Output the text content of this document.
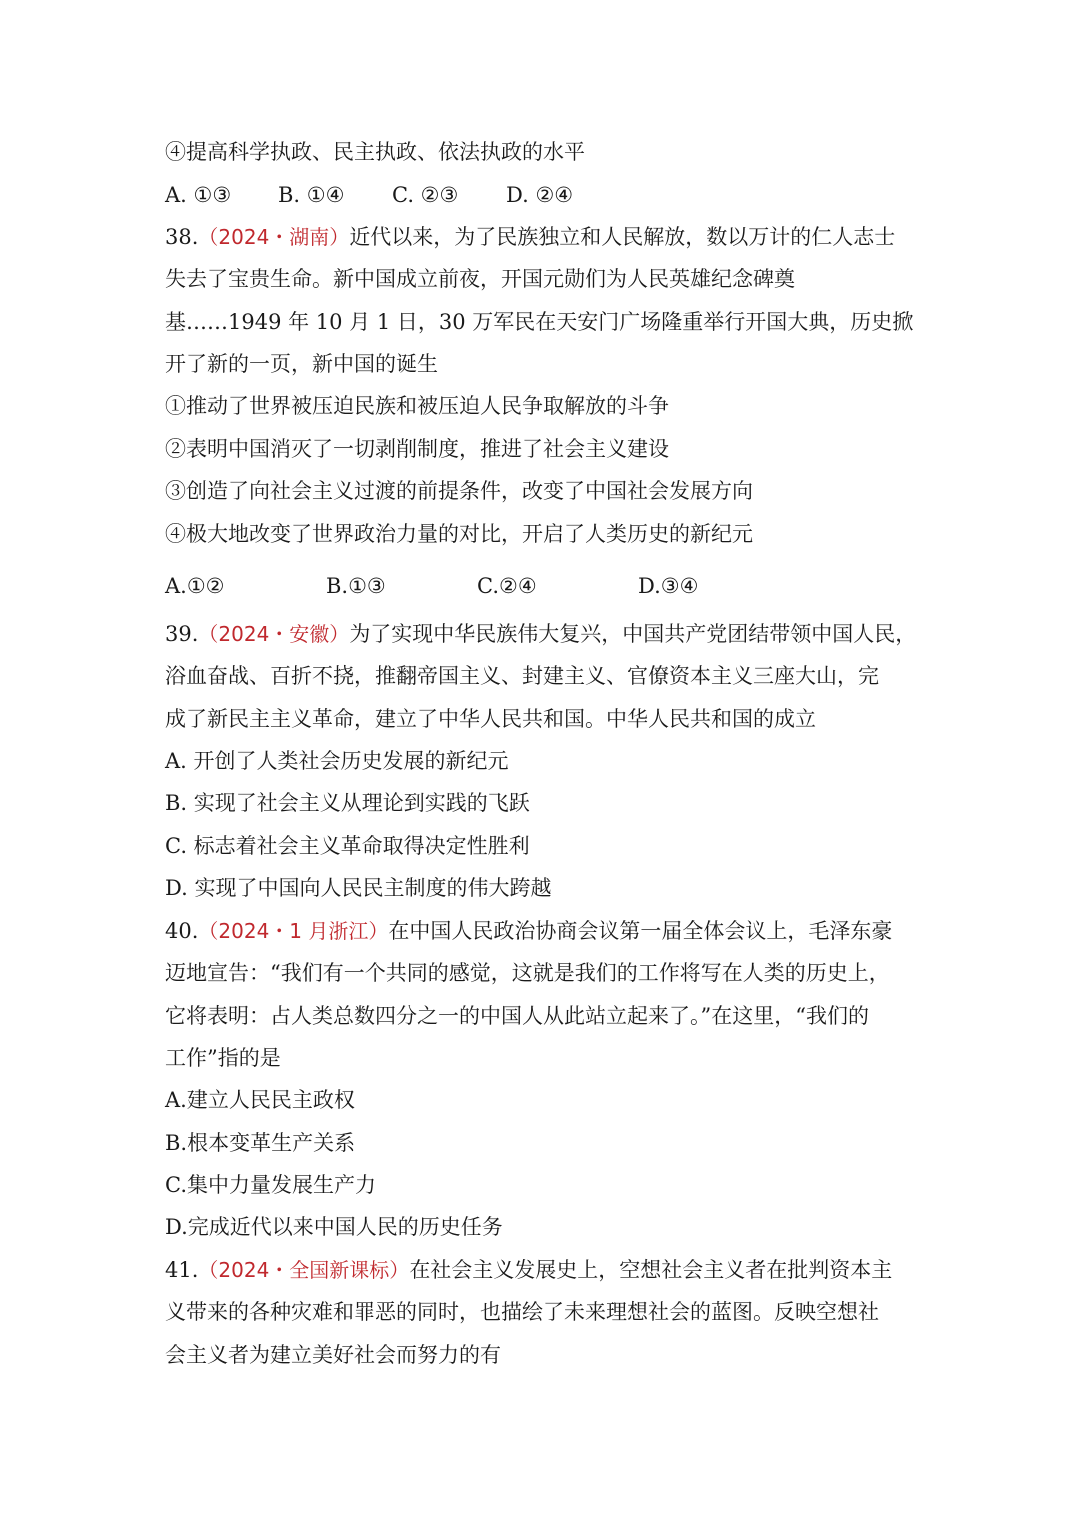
④提高科学执政、民主执政、依法执政的水平
A. ①③ B. ①④ C. ②③ D. ②④
38.（2024・湖南）近代以来，为了民族独立和人民解放，数以万计的仁人志士
失去了宝贵生命。新中国成立前夜，开国元勋们为人民英雄纪念碑奠
基……1949 年 10 月 1 日，30 万军民在天安门广场隆重举行开国大典，历史掀
开了新的一页，新中国的诞生
①推动了世界被压迫民族和被压迫人民争取解放的斗争
②表明中国消灭了一切剥削制度，推进了社会主义建设
③创造了向社会主义过渡的前提条件，改变了中国社会发展方向
④极大地改变了世界政治力量的对比，开启了人类历史的新纪元
A.①②	B.①③	C.②④	D.③④
39.（2024・安徽）为了实现中华民族伟大复兴，中国共产党团结带领中国人民，
浴血奋战、百折不挠，推翻帝国主义、封建主义、官僚资本主义三座大山，完
成了新民主主义革命，建立了中华人民共和国。中华人民共和国的成立
A. 开创了人类社会历史发展的新纪元
B. 实现了社会主义从理论到实践的飞跃
C. 标志着社会主义革命取得决定性胜利
D. 实现了中国向人民民主制度的伟大跨越
40.（2024・1 月浙江）在中国人民政治协商会议第一届全体会议上，毛泽东豪
迈地宣告：“我们有一个共同的感觉，这就是我们的工作将写在人类的历史上，
它将表明：占人类总数四分之一的中国人从此站立起来了。”在这里，“我们的
工作”指的是
A.建立人民民主政权
B.根本变革生产关系
C.集中力量发展生产力
D.完成近代以来中国人民的历史任务
41.（2024・全国新课标）在社会主义发展史上，空想社会主义者在批判资本主
义带来的各种灾难和罪恶的同时，也描绘了未来理想社会的蓝图。反映空想社
会主义者为建立美好社会而努力的有
